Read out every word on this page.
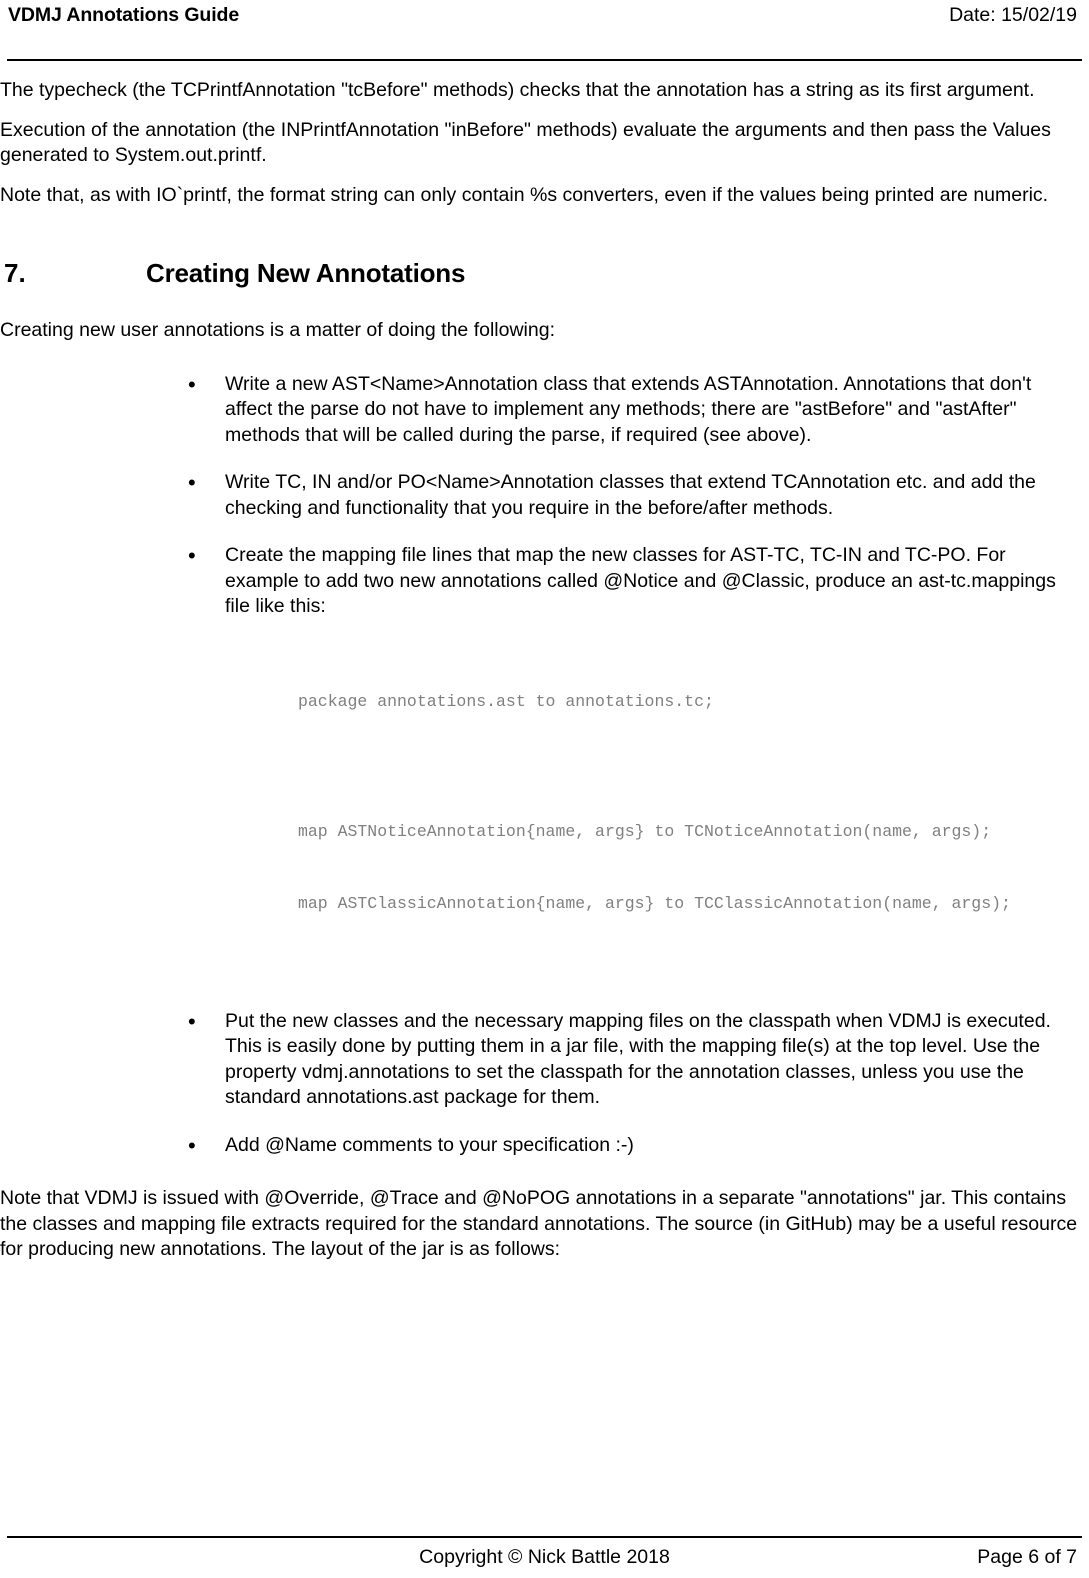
VDMJ Annotations Guide	Date: 15/02/19

The typecheck (the TCPrintfAnnotation "tcBefore" methods) checks that the annotation has a string as its first argument.

Execution of the annotation (the INPrintfAnnotation "inBefore" methods) evaluate the arguments and then pass the Values generated to System.out.printf.

Note that, as with IO`printf, the format string can only contain %s converters, even if the values being printed are numeric.

7.	Creating New Annotations

Creating new user annotations is a matter of doing the following:

• Write a new AST<Name>Annotation class that extends ASTAnnotation. Annotations that don't affect the parse do not have to implement any methods; there are "astBefore" and "astAfter" methods that will be called during the parse, if required (see above).
• Write TC, IN and/or PO<Name>Annotation classes that extend TCAnnotation etc. and add the checking and functionality that you require in the before/after methods.
• Create the mapping file lines that map the new classes for AST-TC, TC-IN and TC-PO. For example to add two new annotations called @Notice and @Classic, produce an ast-tc.mappings file like this:

package annotations.ast to annotations.tc;

map ASTNoticeAnnotation{name, args} to TCNoticeAnnotation(name, args);

map ASTClassicAnnotation{name, args} to TCClassicAnnotation(name, args);

• Put the new classes and the necessary mapping files on the classpath when VDMJ is executed. This is easily done by putting them in a jar file, with the mapping file(s) at the top level. Use the property vdmj.annotations to set the classpath for the annotation classes, unless you use the standard annotations.ast package for them.
• Add @Name comments to your specification :-)

Note that VDMJ is issued with @Override, @Trace and @NoPOG annotations in a separate "annotations" jar. This contains the classes and mapping file extracts required for the standard annotations. The source (in GitHub) may be a useful resource for producing new annotations. The layout of the jar is as follows:

Copyright © Nick Battle 2018	Page 6 of 7
